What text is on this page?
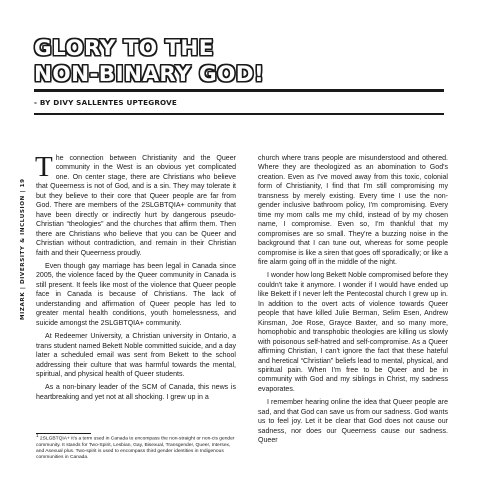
GLORY TO THE
NON-BINARY GOD!
- BY DIVY SALLENTES UPTEGROVE
MIZARK | DIVERSITY & INCLUSION | 19

The connection between Christianity and the Queer community in the West is an obvious yet complicated one. On center stage, there are Christians who believe that Queerness is not of God, and is a sin. They may tolerate it but they believe to their core that Queer people are far from God. There are members of the 2SLGBTQIA+ community that have been directly or indirectly hurt by dangerous pseudo-Christian “theologies” and the churches that affirm them. Then there are Christians who believe that you can be Queer and Christian without contradiction, and remain in their Christian faith and their Queerness proudly.

Even though gay marriage has been legal in Canada since 2005, the violence faced by the Queer community in Canada is still present. It feels like most of the violence that Queer people face in Canada is because of Christians. The lack of understanding and affirmation of Queer people has led to greater mental health conditions, youth homelessness, and suicide amongst the 2SLGBTQIA+ community.

At Redeemer University, a Christian university in Ontario, a trans student named Bekett Noble committed suicide, and a day later a scheduled email was sent from Bekett to the school addressing their culture that was harmful towards the mental, spiritual, and physical health of Queer students.

As a non-binary leader of the SCM of Canada, this news is heartbreaking and yet not at all shocking. I grew up in a

$^1$ 2SLGBTQIA+ it's a term used in Canada to encompass the non-straight or non-cis gender community. It stands for Two-Spirit, Lesbian, Gay, Bisexual, Transgender, Queer, Intersex, and Asexual plus. Two-spirit is used to encompass third gender identities in Indigenous communities in Canada.

church where trans people are misunderstood and othered. Where they are theologized as an abomination to God's creation. Even as I've moved away from this toxic, colonial form of Christianity, I find that I'm still compromising my transness by merely existing. Every time I use the non-gender inclusive bathroom policy, I'm compromising. Every time my mom calls me my child, instead of by my chosen name, I compromise. Even so, I'm thankful that my compromises are so small. They're a buzzing noise in the background that I can tune out, whereas for some people compromise is like a siren that goes off sporadically; or like a fire alarm going off in the middle of the night.

I wonder how long Bekett Noble compromised before they couldn't take it anymore. I wonder if I would have ended up like Bekett if I never left the Pentecostal church I grew up in. In addition to the overt acts of violence towards Queer people that have killed Julie Berman, Selim Esen, Andrew Kinsman, Joe Rose, Grayce Baxter, and so many more, homophobic and transphobic theologies are killing us slowly with poisonous self-hatred and self-compromise. As a Queer affirming Christian, I can't ignore the fact that these hateful and heretical “Christian” beliefs lead to mental, physical, and spiritual pain. When I'm free to be Queer and be in community with God and my siblings in Christ, my sadness evaporates.

I remember hearing online the idea that Queer people are sad, and that God can save us from our sadness. God wants us to feel joy. Let it be clear that God does not cause our sadness, nor does our Queerness cause our sadness. Queer
